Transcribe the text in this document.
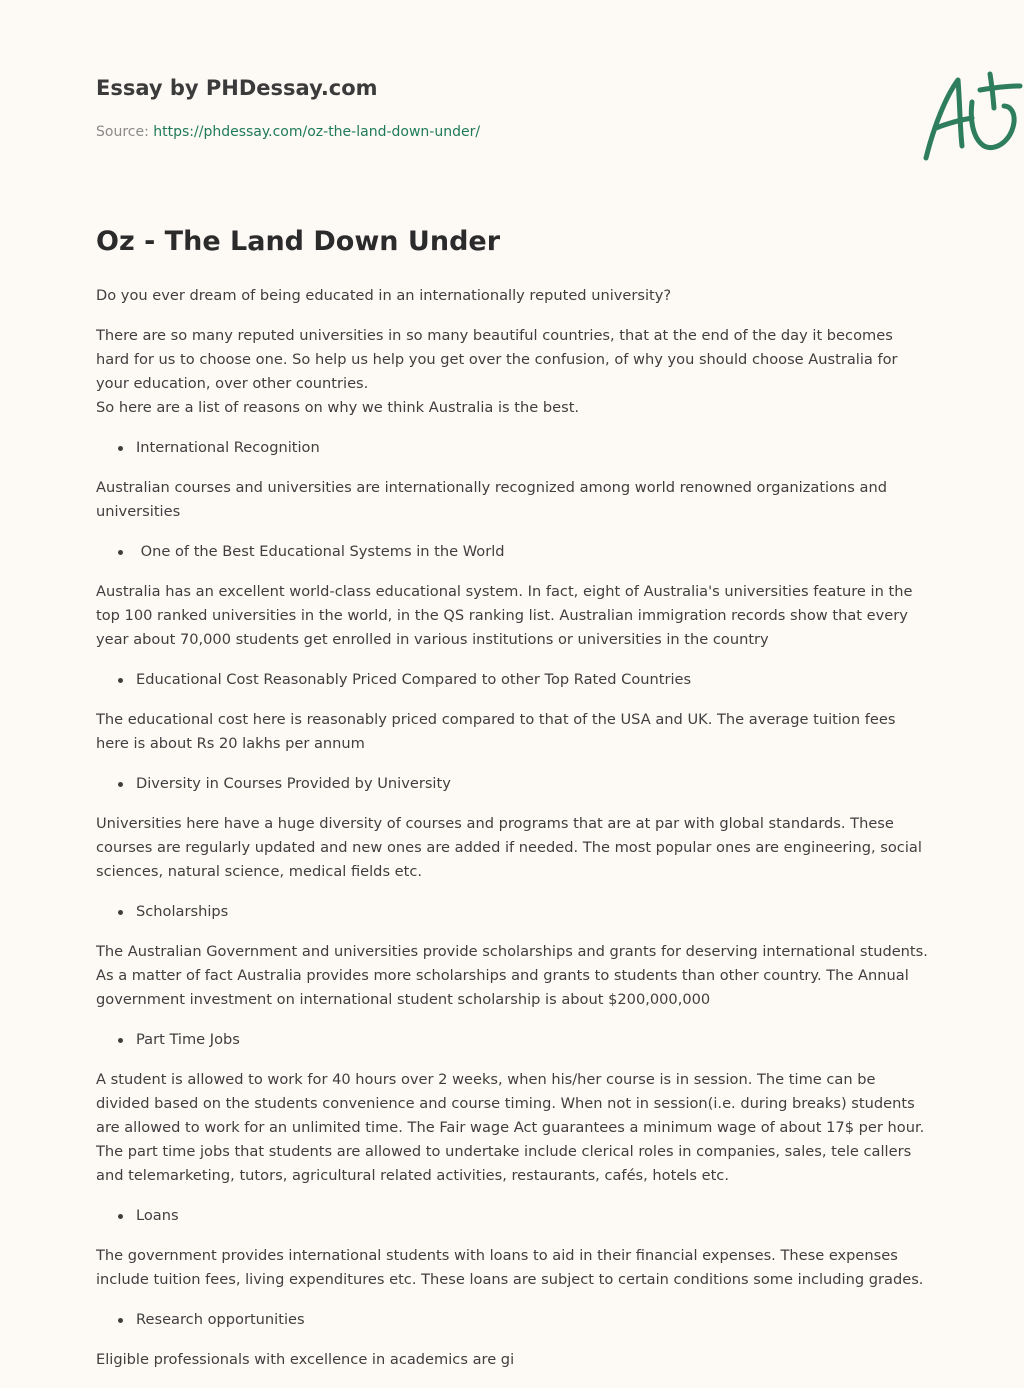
Essay by PHDessay.com

Source: https://phdessay.com/oz-the-land-down-under/

Oz - The Land Down Under

Do you ever dream of being educated in an internationally reputed university?

There are so many reputed universities in so many beautiful countries, that at the end of the day it becomes hard for us to choose one. So help us help you get over the confusion, of why you should choose Australia for your education, over other countries.
So here are a list of reasons on why we think Australia is the best.

International Recognition

Australian courses and universities are internationally recognized among world renowned organizations and universities

One of the Best Educational Systems in the World

Australia has an excellent world-class educational system. In fact, eight of Australia's universities feature in the top 100 ranked universities in the world, in the QS ranking list. Australian immigration records show that every year about 70,000 students get enrolled in various institutions or universities in the country

Educational Cost Reasonably Priced Compared to other Top Rated Countries

The educational cost here is reasonably priced compared to that of the USA and UK. The average tuition fees here is about Rs 20 lakhs per annum

Diversity in Courses Provided by University

Universities here have a huge diversity of courses and programs that are at par with global standards. These courses are regularly updated and new ones are added if needed. The most popular ones are engineering, social sciences, natural science, medical fields etc.

Scholarships

The Australian Government and universities provide scholarships and grants for deserving international students. As a matter of fact Australia provides more scholarships and grants to students than other country. The Annual government investment on international student scholarship is about $200,000,000

Part Time Jobs

A student is allowed to work for 40 hours over 2 weeks, when his/her course is in session. The time can be divided based on the students convenience and course timing. When not in session(i.e. during breaks) students are allowed to work for an unlimited time. The Fair wage Act guarantees a minimum wage of about 17$ per hour. The part time jobs that students are allowed to undertake include clerical roles in companies, sales, tele callers and telemarketing, tutors, agricultural related activities, restaurants, cafés, hotels etc.

Loans

The government provides international students with loans to aid in their financial expenses. These expenses include tuition fees, living expenditures etc. These loans are subject to certain conditions some including grades.

Research opportunities

Eligible professionals with excellence in academics are gi
